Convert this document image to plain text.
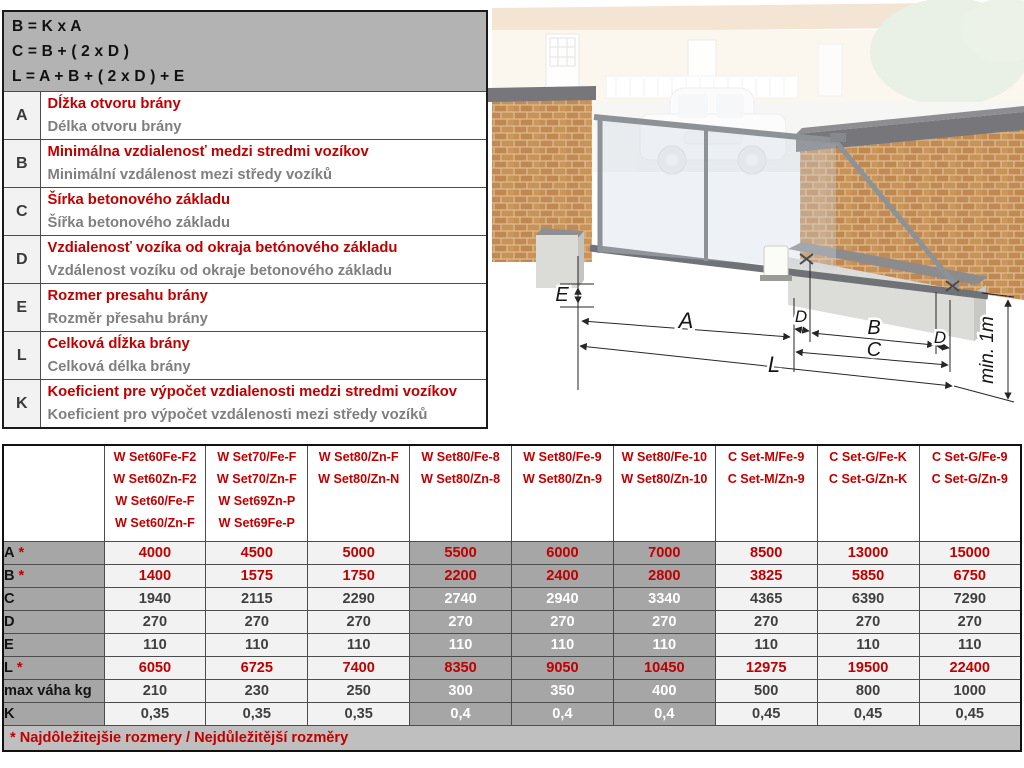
B = K x A
C = B + ( 2 x D )
L = A + B + ( 2 x D ) + E	

A	Dĺžka otvoru brány
Délka otvoru brány

B	Minimálna vzdialenosť medzi stredmi vozíkov
Minimální vzdálenost mezi středy vozíků

C	Šírka betonového základu
Šířka betonového základu

D	Vzdialenosť vozíka od okraja betónového základu
Vzdálenost vozíku od okraje betonového základu

E	Rozmer presahu brány
Rozměr přesahu brány

L	Celková dĺžka brány
Celková délka brány

K	Koeficient pre výpočet vzdialenosti medzi stredmi vozíkov
Koeficient pro výpočet vzdálenosti mezi středy vozíků
E
A	D
B	D
C
L	min. 1m

W Set60Fe-F2
W Set60Zn-F2
W Set60/Fe-F
W Set60/Zn-F

W Set70/Fe-F
W Set70/Zn-F
W Set69Zn-P
W Set69Fe-P

W Set80/Zn-F
W Set80/Zn-N

W Set80/Fe-8
W Set80/Zn-8

W Set80/Fe-9
W Set80/Zn-9

W Set80/Fe-10
W Set80/Zn-10

C Set-M/Fe-9
C Set-M/Zn-9

C Set-G/Fe-K
C Set-G/Zn-K

C Set-G/Fe-9
C Set-G/Zn-9

A *	4000	4500	5000	5500	6000	7000	8500	13000	15000
B *	1400	1575	1750	2200	2400	2800	3825	5850	6750
C	1940	2115	2290	2740	2940	3340	4365	6390	7290
D	270	270	270	270	270	270	270	270	270
E	110	110	110	110	110	110	110	110	110
L *	6050	6725	7400	8350	9050	10450	12975	19500	22400
max váha kg	210	230	250	300	350	400	500	800	1000
K	0,35	0,35	0,35	0,4	0,4	0,4	0,45	0,45	0,45
* Najdôležitejšie rozmery / Nejdůležitější rozměry									
